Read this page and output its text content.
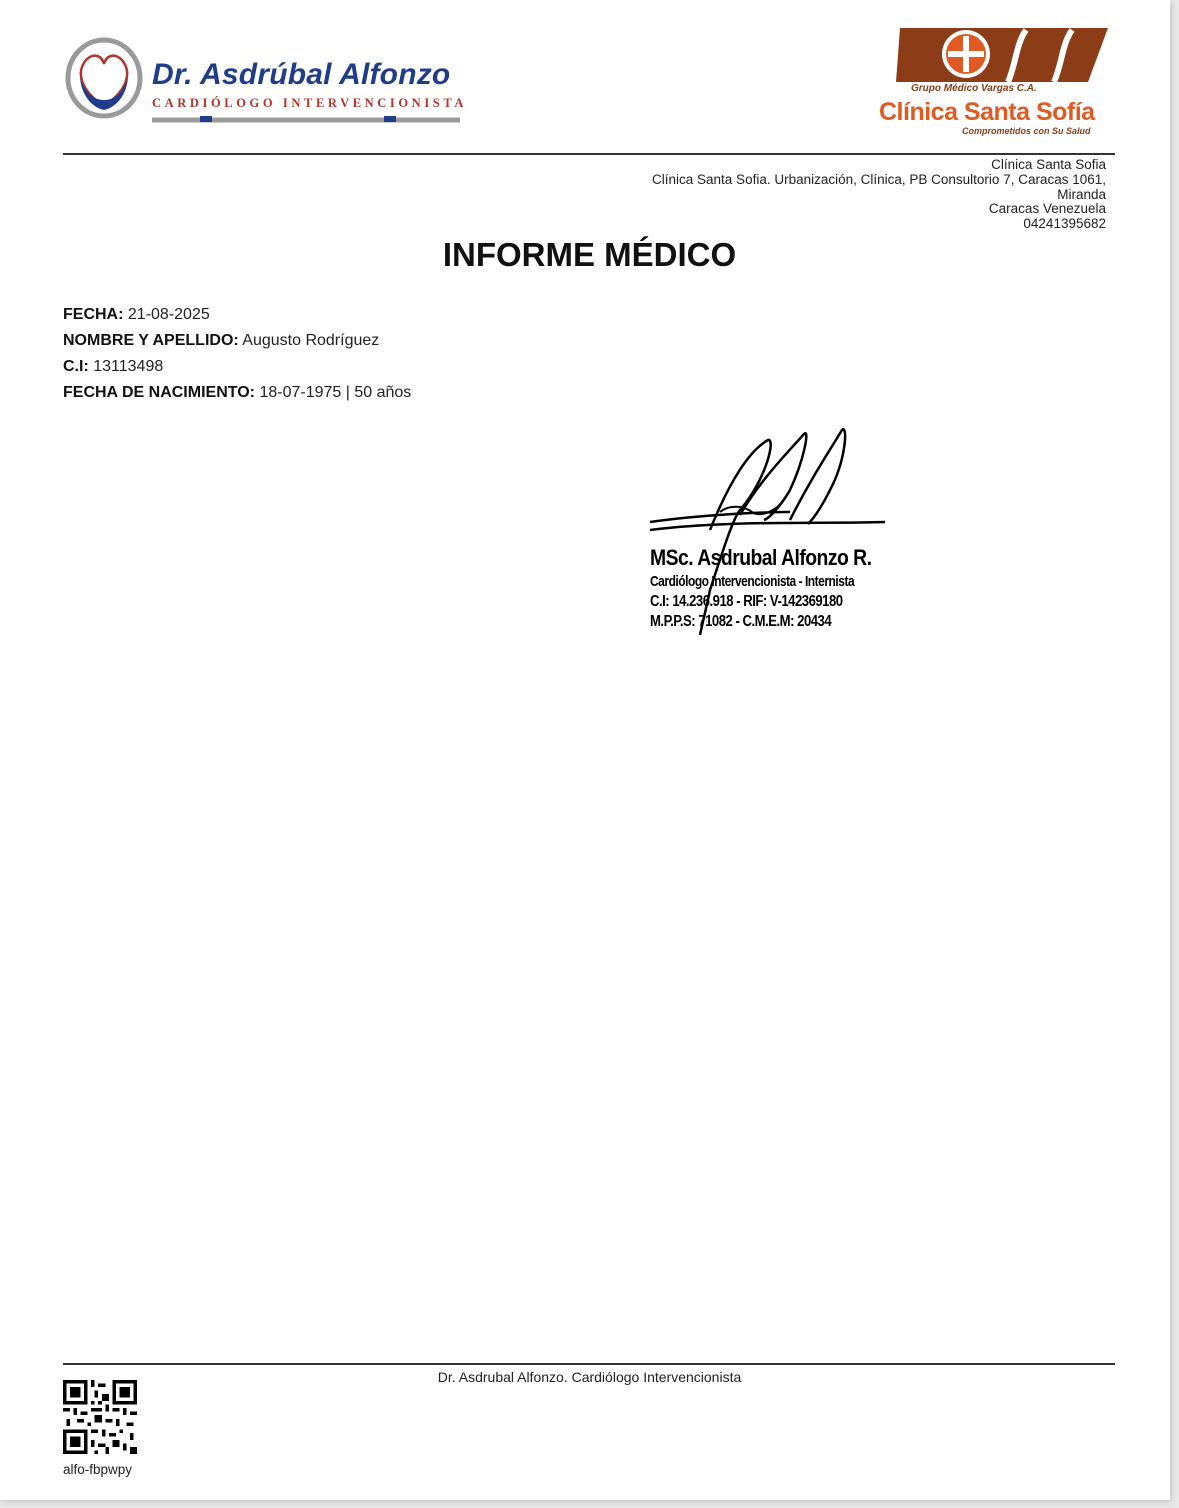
Dr. Asdrúbal Alfonzo
CARDIÓLOGO INTERVENCIONISTA
Grupo Médico Vargas C.A.
Clínica Santa Sofía
Comprometidos con Su Salud
Clínica Santa Sofia
Clínica Santa Sofia. Urbanización, Clínica, PB Consultorio 7, Caracas 1061,
Miranda
Caracas Venezuela
04241395682
INFORME MÉDICO
FECHA: 21-08-2025
NOMBRE Y APELLIDO: Augusto Rodríguez
C.I: 13113498
FECHA DE NACIMIENTO: 18-07-1975 | 50 años
MSc. Asdrubal Alfonzo R.
Cardiólogo Intervencionista - Internista
C.I: 14.236.918 - RIF: V-142369180
M.P.P.S: 71082 - C.M.E.M: 20434
Dr. Asdrubal Alfonzo. Cardiólogo Intervencionista
alfo-fbpwpy
